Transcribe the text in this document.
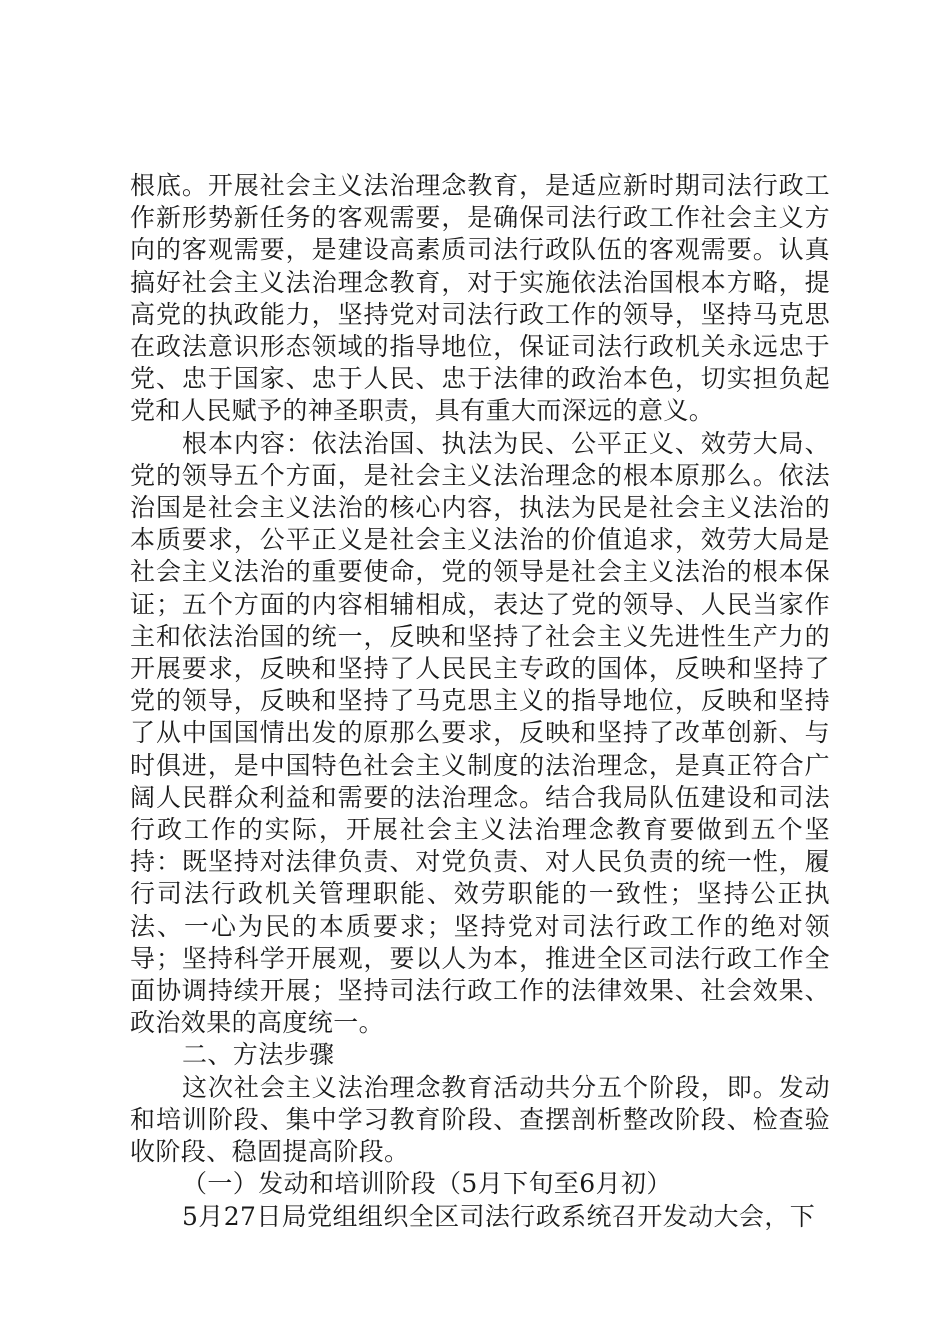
根底。开展社会主义法治理念教育，是适应新时期司法行政工作新形势新任务的客观需要，是确保司法行政工作社会主义方向的客观需要，是建设高素质司法行政队伍的客观需要。认真搞好社会主义法治理念教育，对于实施依法治国根本方略，提高党的执政能力，坚持党对司法行政工作的领导，坚持马克思在政法意识形态领域的指导地位，保证司法行政机关永远忠于党、忠于国家、忠于人民、忠于法律的政治本色，切实担负起党和人民赋予的神圣职责，具有重大而深远的意义。

根本内容：依法治国、执法为民、公平正义、效劳大局、党的领导五个方面，是社会主义法治理念的根本原那么。依法治国是社会主义法治的核心内容，执法为民是社会主义法治的本质要求，公平正义是社会主义法治的价值追求，效劳大局是社会主义法治的重要使命，党的领导是社会主义法治的根本保证；五个方面的内容相辅相成，表达了党的领导、人民当家作主和依法治国的统一，反映和坚持了社会主义先进性生产力的开展要求，反映和坚持了人民民主专政的国体，反映和坚持了党的领导，反映和坚持了马克思主义的指导地位，反映和坚持了从中国国情出发的原那么要求，反映和坚持了改革创新、与时俱进，是中国特色社会主义制度的法治理念，是真正符合广阔人民群众利益和需要的法治理念。结合我局队伍建设和司法行政工作的实际，开展社会主义法治理念教育要做到五个坚持：既坚持对法律负责、对党负责、对人民负责的统一性，履行司法行政机关管理职能、效劳职能的一致性；坚持公正执法、一心为民的本质要求；坚持党对司法行政工作的绝对领导；坚持科学开展观，要以人为本，推进全区司法行政工作全面协调持续开展；坚持司法行政工作的法律效果、社会效果、政治效果的高度统一。

二、方法步骤

这次社会主义法治理念教育活动共分五个阶段，即。发动和培训阶段、集中学习教育阶段、查摆剖析整改阶段、检查验收阶段、稳固提高阶段。

（一）发动和培训阶段（5月下旬至6月初）

5月27日局党组组织全区司法行政系统召开发动大会，下
